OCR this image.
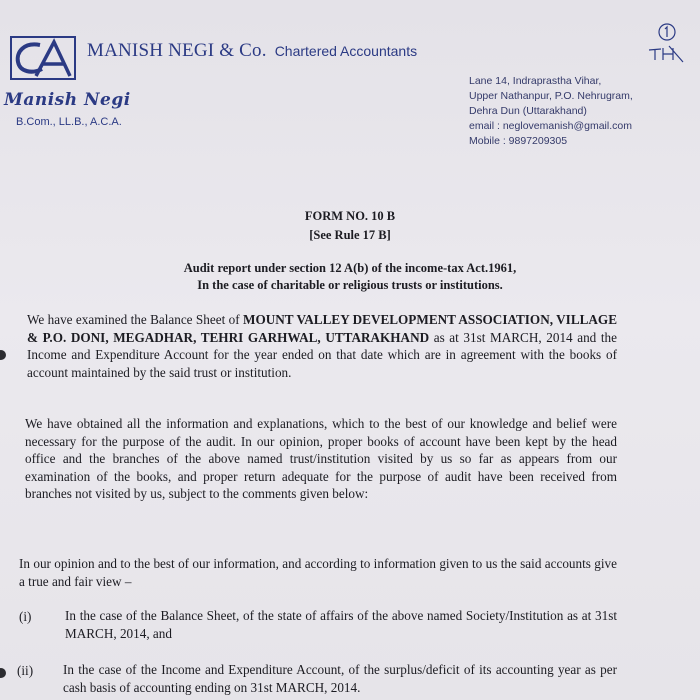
MANISH NEGI & Co. Chartered Accountants
Manish Negi
B.Com., LL.B., A.C.A.
Lane 14, Indraprastha Vihar,
Upper Nathanpur, P.O. Nehrugram,
Dehra Dun (Uttarakhand)
email : neglovemanish@gmail.com
Mobile : 9897209305
FORM NO. 10 B
[See Rule 17 B]
Audit report under section 12 A(b) of the income-tax Act.1961,
In the case of charitable or religious trusts or institutions.
We have examined the Balance Sheet of MOUNT VALLEY DEVELOPMENT ASSOCIATION, VILLAGE & P.O. DONI, MEGADHAR, TEHRI GARHWAL, UTTARAKHAND as at 31st MARCH, 2014 and the Income and Expenditure Account for the year ended on that date which are in agreement with the books of account maintained by the said trust or institution.
We have obtained all the information and explanations, which to the best of our knowledge and belief were necessary for the purpose of the audit. In our opinion, proper books of account have been kept by the head office and the branches of the above named trust/institution visited by us so far as appears from our examination of the books, and proper return adequate for the purpose of audit have been received from branches not visited by us, subject to the comments given below:
In our opinion and to the best of our information, and according to information given to us the said accounts give a true and fair view –
(i)	In the case of the Balance Sheet, of the state of affairs of the above named Society/Institution as at 31st MARCH, 2014, and
(ii) In the case of the Income and Expenditure Account, of the surplus/deficit of its accounting year as per cash basis of accounting ending on 31st MARCH, 2014.
